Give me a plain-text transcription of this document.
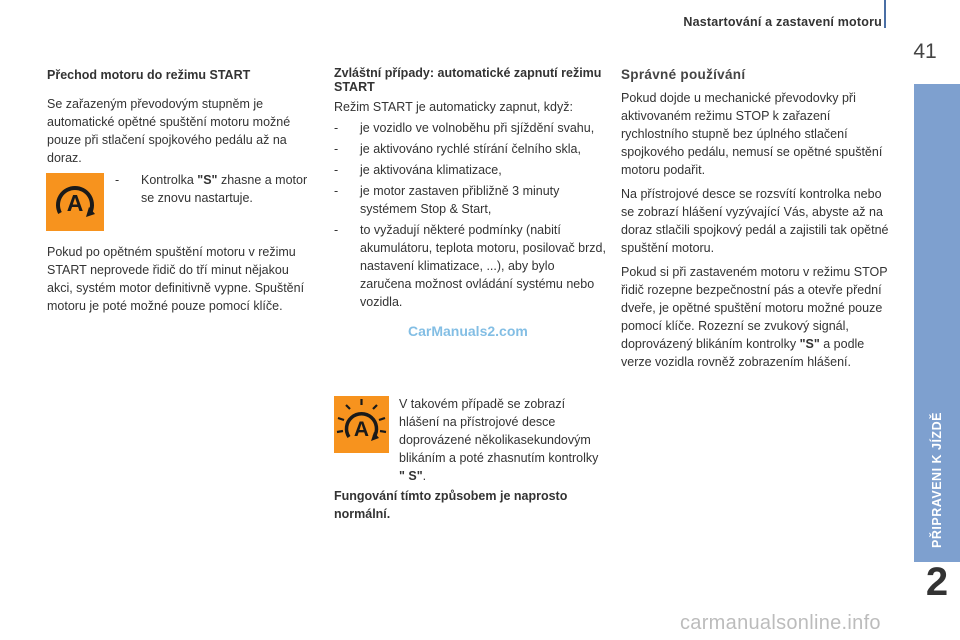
Nastartování a zastavení motoru
41
PŘIPRAVENI K JÍZDĚ
2
Přechod motoru do režimu START

Se zařazeným převodovým stupněm je automatické opětné spuštění motoru možné pouze při stlačení spojkového pedálu až na doraz.

A
- Kontrolka "S" zhasne a motor se znovu nastartuje.

Pokud po opětném spuštění motoru v režimu START neprovede řidič do tří minut nějakou akci, systém motor definitivně vypne. Spuštění motoru je poté možné pouze pomocí klíče.

Zvláštní případy: automatické zapnutí režimu START

Režim START je automaticky zapnut, když:

- je vozidlo ve volnoběhu při sjíždění svahu,
- je aktivováno rychlé stírání čelního skla,
- je aktivována klimatizace,
- je motor zastaven přibližně 3 minuty systémem Stop & Start,
- to vyžadují některé podmínky (nabití akumulátoru, teplota motoru, posilovač brzd, nastavení klimatizace, ...), aby bylo zaručena možnost ovládání systému nebo vozidla.
A
V takovém případě se zobrazí hlášení na přístrojové desce doprovázené několikasekundovým blikáním a poté zhasnutím kontrolky " S".
Fungování tímto způsobem je naprosto normální.
Správné používání

Pokud dojde u mechanické převodovky při aktivovaném režimu STOP k zařazení rychlostního stupně bez úplného stlačení spojkového pedálu, nemusí se opětné spuštění motoru podařit.

Na přístrojové desce se rozsvítí kontrolka nebo se zobrazí hlášení vyzývající Vás, abyste až na doraz stlačili spojkový pedál a zajistili tak opětné spuštění motoru.

Pokud si při zastaveném motoru v režimu STOP řidič rozepne bezpečnostní pás a otevře přední dveře, je opětné spuštění motoru možné pouze pomocí klíče. Rozezní se zvukový signál, doprovázený blikáním kontrolky "S" a podle verze vozidla rovněž zobrazením hlášení.

CarManuals2.com
carmanualsonline.info
